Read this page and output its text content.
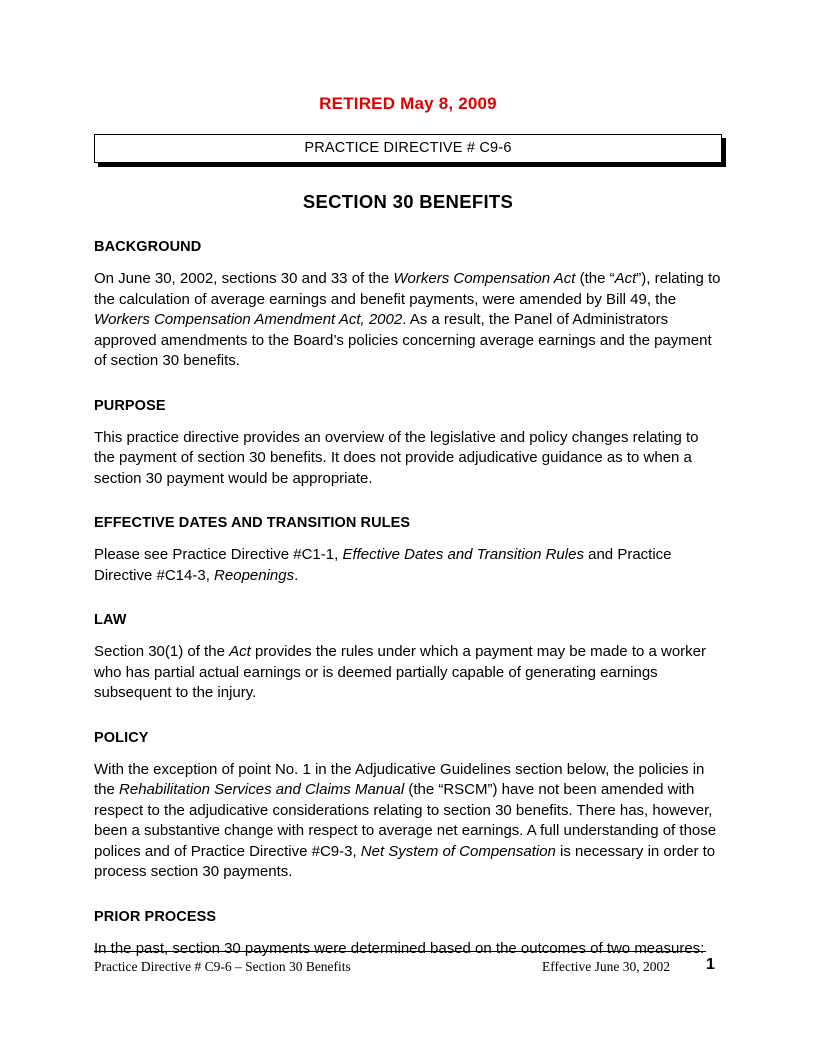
RETIRED May 8, 2009
PRACTICE DIRECTIVE # C9-6
SECTION 30 BENEFITS
BACKGROUND

On June 30, 2002, sections 30 and 33 of the Workers Compensation Act (the “Act”), relating to the calculation of average earnings and benefit payments, were amended by Bill 49, the Workers Compensation Amendment Act, 2002. As a result, the Panel of Administrators approved amendments to the Board’s policies concerning average earnings and the payment of section 30 benefits.

PURPOSE

This practice directive provides an overview of the legislative and policy changes relating to the payment of section 30 benefits. It does not provide adjudicative guidance as to when a section 30 payment would be appropriate.

EFFECTIVE DATES AND TRANSITION RULES

Please see Practice Directive #C1-1, Effective Dates and Transition Rules and Practice Directive #C14-3, Reopenings.

LAW

Section 30(1) of the Act provides the rules under which a payment may be made to a worker who has partial actual earnings or is deemed partially capable of generating earnings subsequent to the injury.

POLICY

With the exception of point No. 1 in the Adjudicative Guidelines section below, the policies in the Rehabilitation Services and Claims Manual (the “RSCM”) have not been amended with respect to the adjudicative considerations relating to section 30 benefits. There has, however, been a substantive change with respect to average net earnings. A full understanding of those polices and of Practice Directive #C9-3, Net System of Compensation is necessary in order to process section 30 payments.

PRIOR PROCESS

In the past, section 30 payments were determined based on the outcomes of two measures:

Practice Directive # C9-6 – Section 30 Benefits	Effective June 30, 2002 1
